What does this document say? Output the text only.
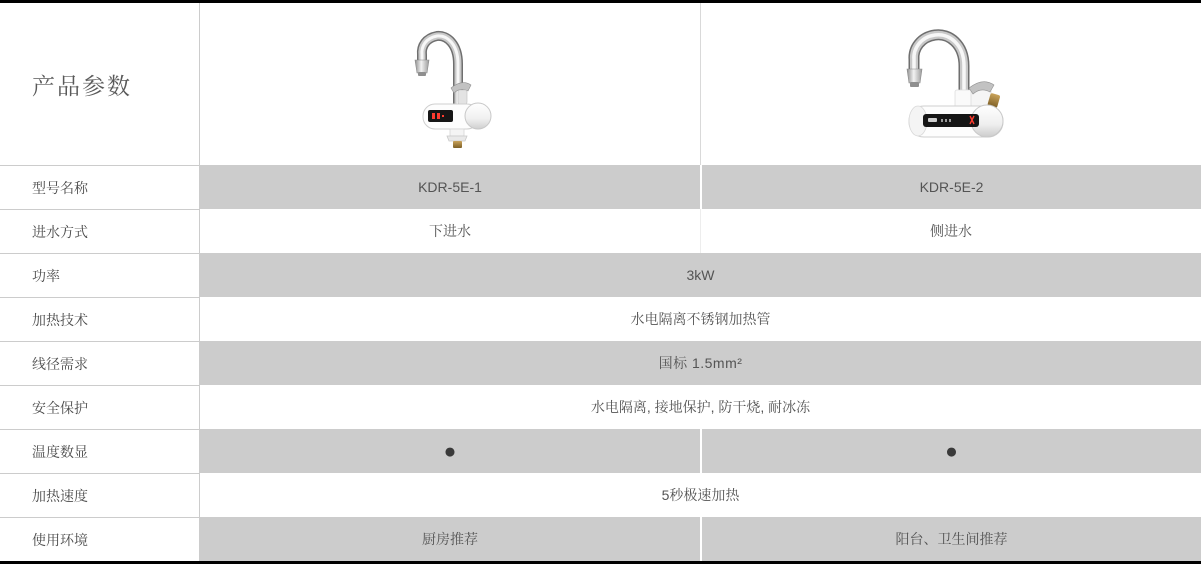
产品参数
型号名称	KDR-5E-1	KDR-5E-2
进水方式	下进水	侧进水
功率	3kW
加热技术	水电隔离不锈钢加热管
线径需求	国标 1.5mm²
安全保护	水电隔离, 接地保护, 防干烧, 耐冰冻
温度数显	●	●
加热速度	5秒极速加热
使用环境	厨房推荐	阳台、卫生间推荐
